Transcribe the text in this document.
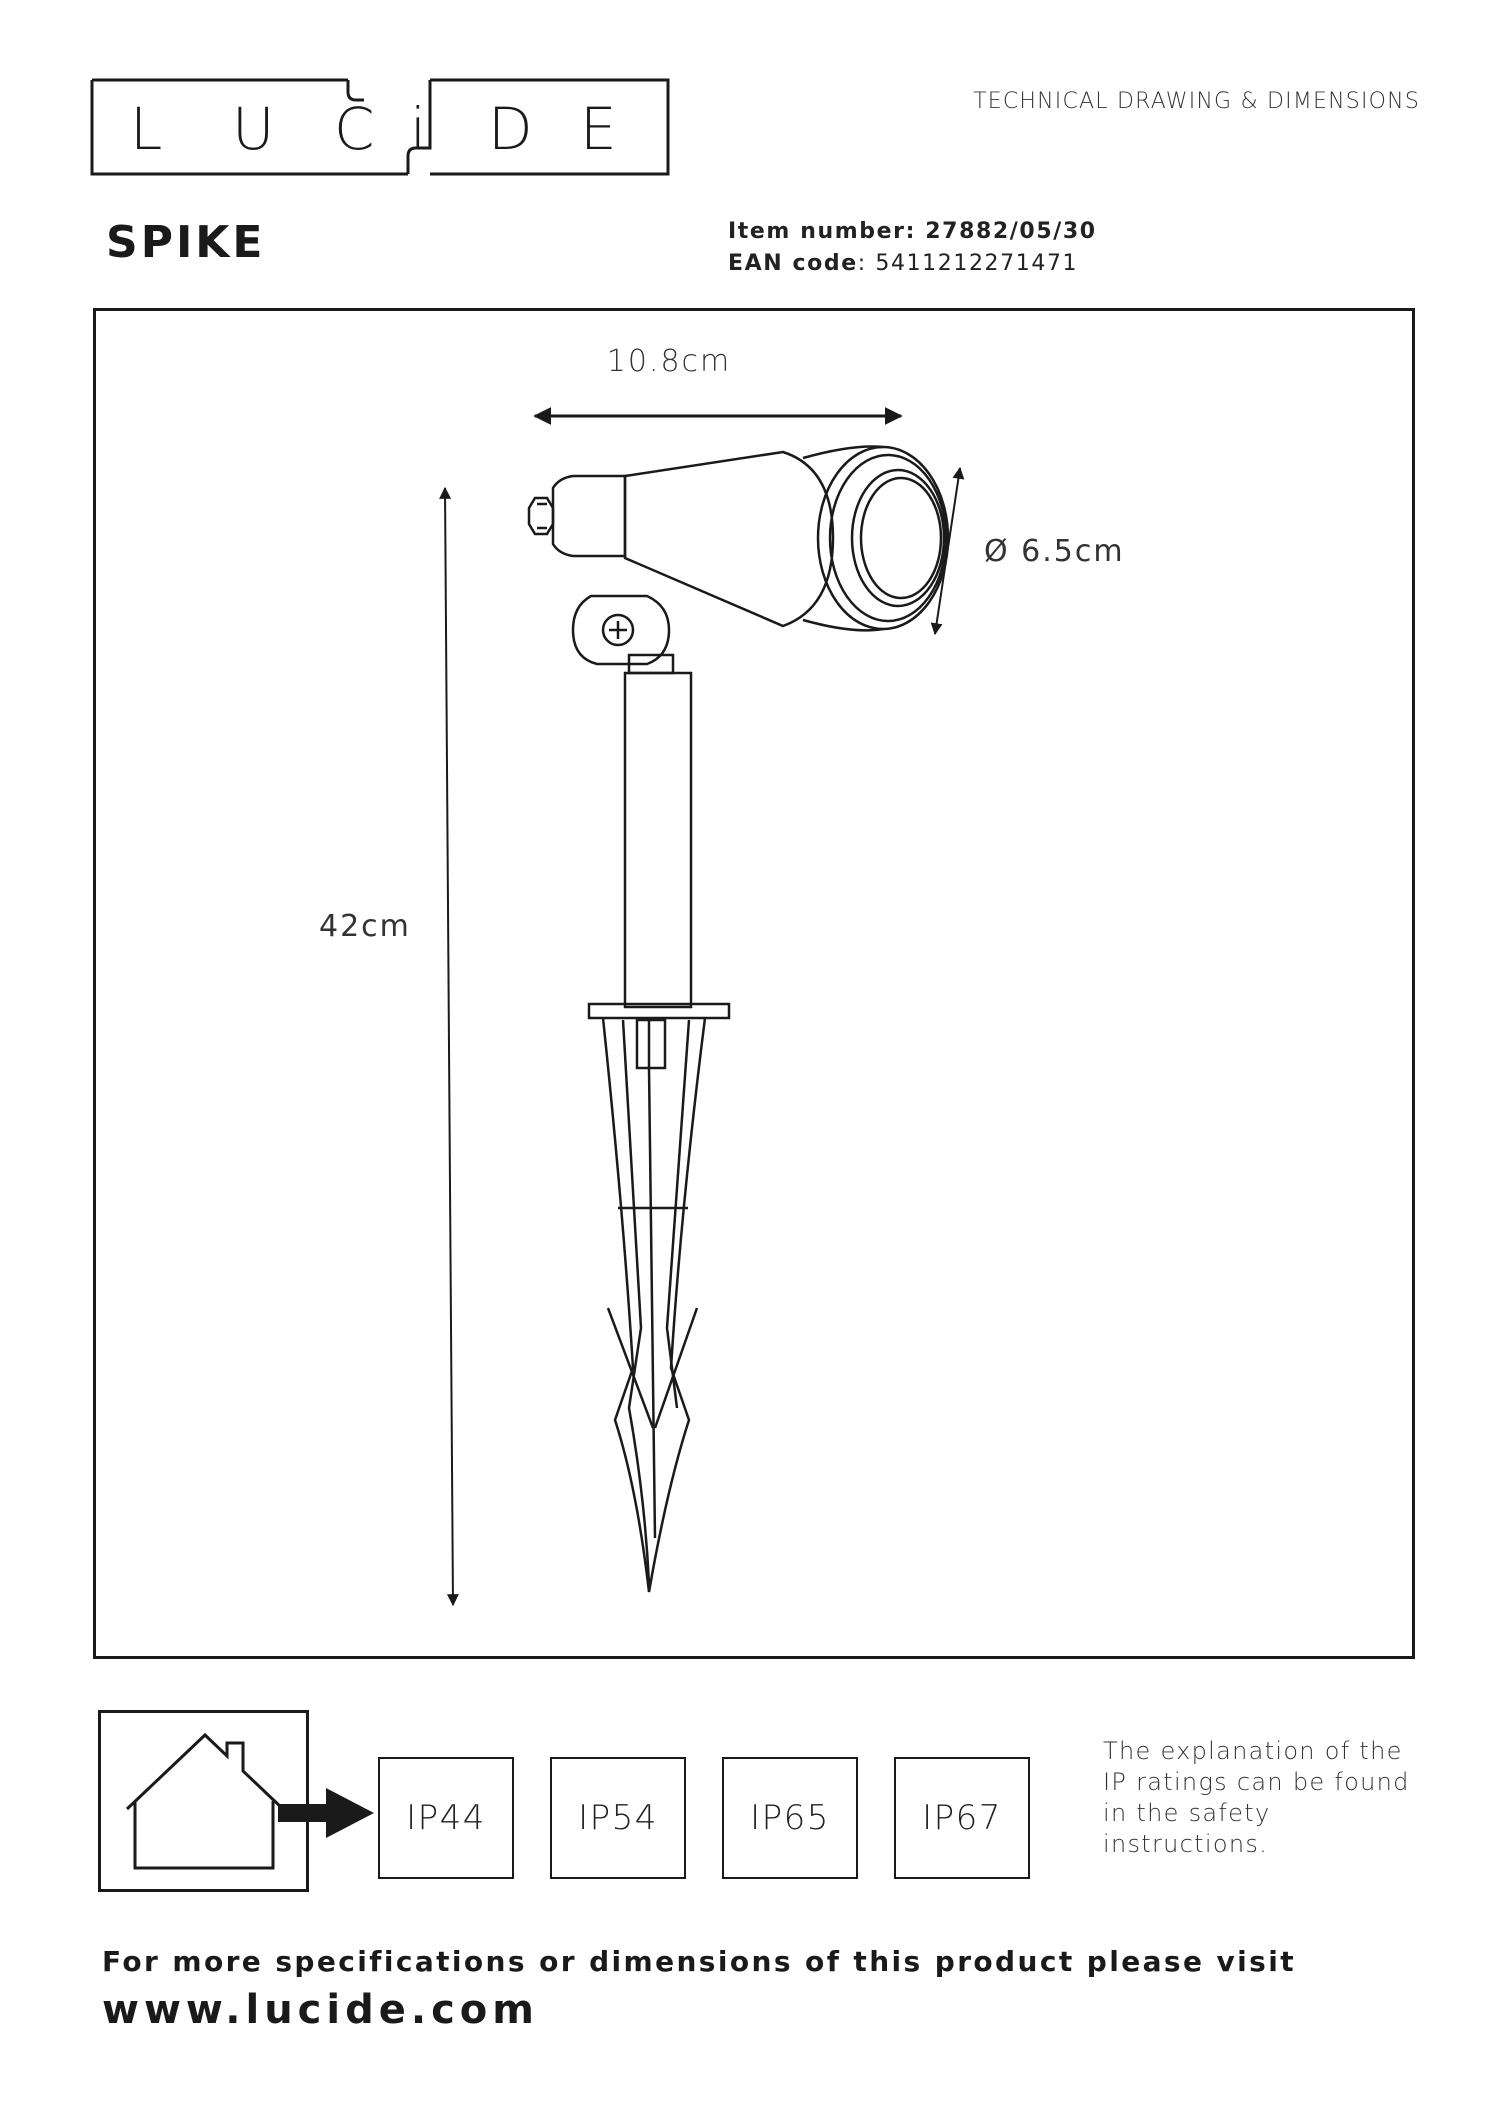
L U C i D E	TECHNICAL DRAWING & DIMENSIONS
SPIKE	Item number: 27882/05/30
EAN code: 5411212271471
10.8cm
Ø 6.5cm
42cm
IP44	IP54	IP65	IP67
The explanation of the IP ratings can be found in the safety instructions.
For more specifications or dimensions of this product please visit
www.lucide.com
